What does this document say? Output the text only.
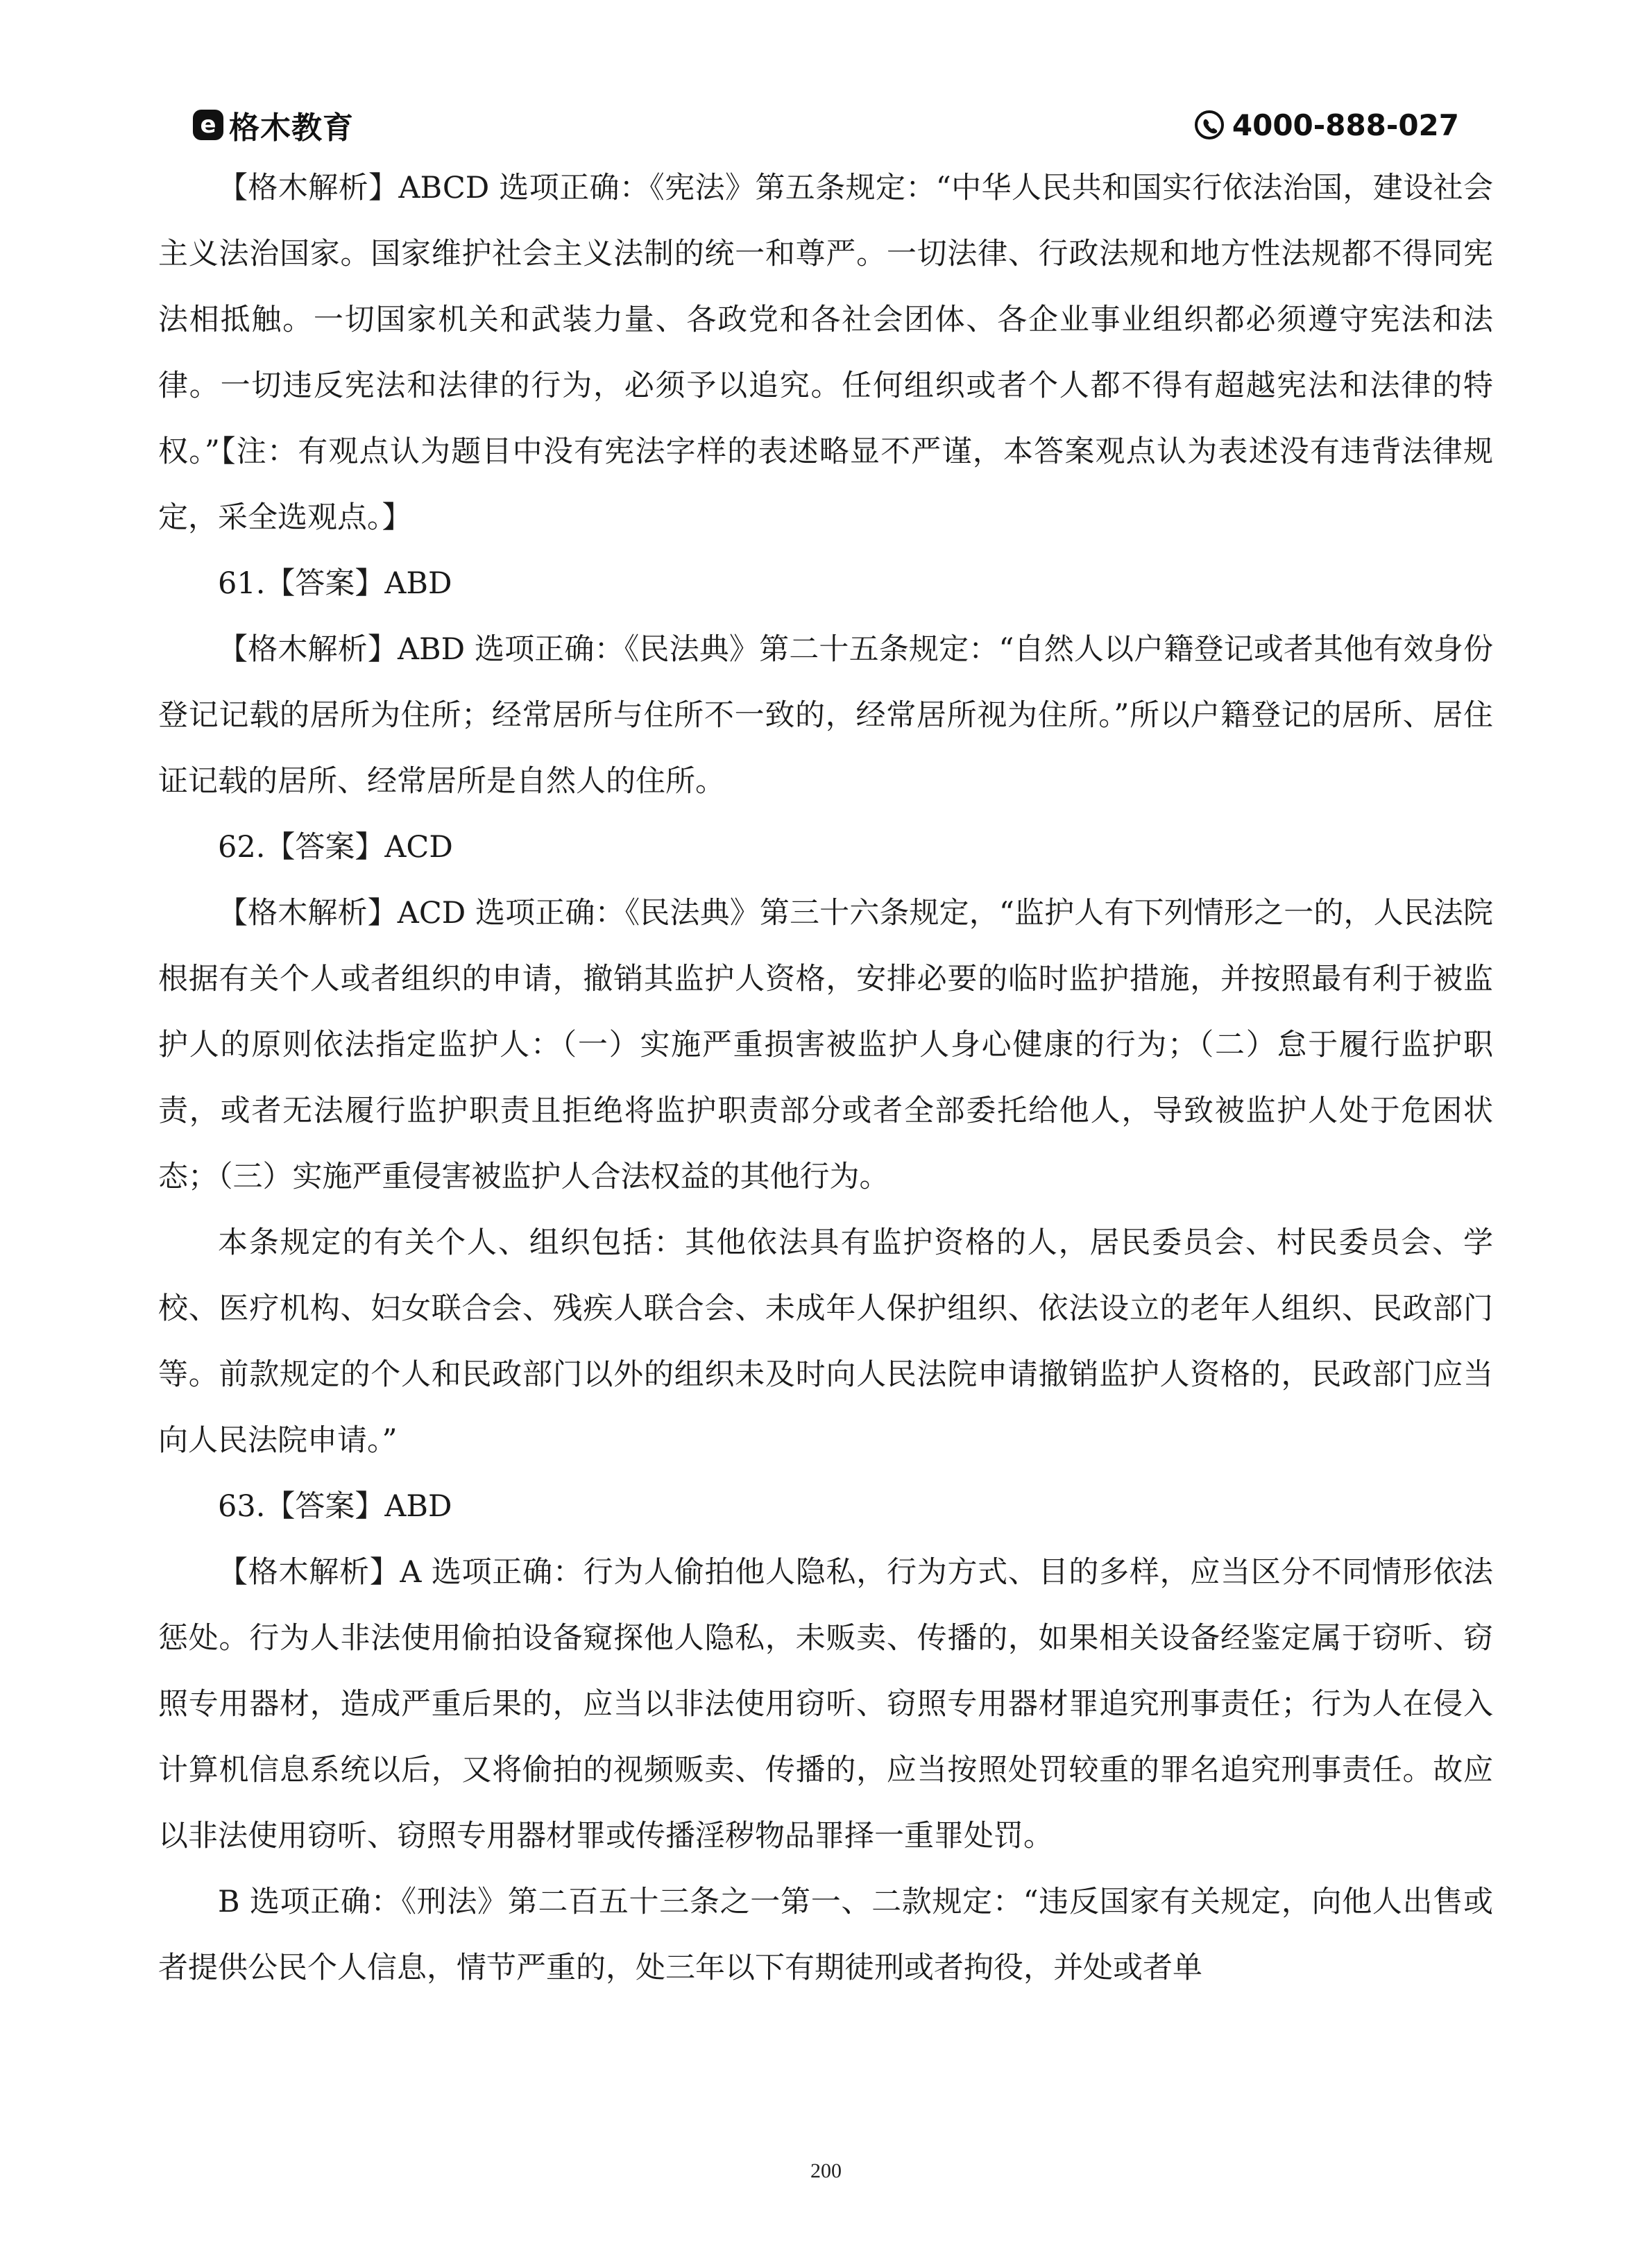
e 格木教育	4000-888-027

【格木解析】ABCD 选项正确：《宪法》第五条规定：“中华人民共和国实行依法治国，建设社会主义法治国家。国家维护社会主义法制的统一和尊严。一切法律、行政法规和地方性法规都不得同宪法相抵触。一切国家机关和武装力量、各政党和各社会团体、各企业事业组织都必须遵守宪法和法律。一切违反宪法和法律的行为，必须予以追究。任何组织或者个人都不得有超越宪法和法律的特权。”【注：有观点认为题目中没有宪法字样的表述略显不严谨，本答案观点认为表述没有违背法律规定，采全选观点。】

61.【答案】ABD

【格木解析】ABD 选项正确：《民法典》第二十五条规定：“自然人以户籍登记或者其他有效身份登记记载的居所为住所；经常居所与住所不一致的，经常居所视为住所。”所以户籍登记的居所、居住证记载的居所、经常居所是自然人的住所。

62.【答案】ACD

【格木解析】ACD 选项正确：《民法典》第三十六条规定，“监护人有下列情形之一的，人民法院根据有关个人或者组织的申请，撤销其监护人资格，安排必要的临时监护措施，并按照最有利于被监护人的原则依法指定监护人：（一）实施严重损害被监护人身心健康的行为；（二）怠于履行监护职责，或者无法履行监护职责且拒绝将监护职责部分或者全部委托给他人，导致被监护人处于危困状态；（三）实施严重侵害被监护人合法权益的其他行为。

本条规定的有关个人、组织包括：其他依法具有监护资格的人，居民委员会、村民委员会、学校、医疗机构、妇女联合会、残疾人联合会、未成年人保护组织、依法设立的老年人组织、民政部门等。前款规定的个人和民政部门以外的组织未及时向人民法院申请撤销监护人资格的，民政部门应当向人民法院申请。”

63.【答案】ABD

【格木解析】A 选项正确：行为人偷拍他人隐私，行为方式、目的多样，应当区分不同情形依法惩处。行为人非法使用偷拍设备窥探他人隐私，未贩卖、传播的，如果相关设备经鉴定属于窃听、窃照专用器材，造成严重后果的，应当以非法使用窃听、窃照专用器材罪追究刑事责任；行为人在侵入计算机信息系统以后，又将偷拍的视频贩卖、传播的，应当按照处罚较重的罪名追究刑事责任。故应以非法使用窃听、窃照专用器材罪或传播淫秽物品罪择一重罪处罚。

B 选项正确：《刑法》第二百五十三条之一第一、二款规定：“违反国家有关规定，向他人出售或者提供公民个人信息，情节严重的，处三年以下有期徒刑或者拘役，并处或者单

200
